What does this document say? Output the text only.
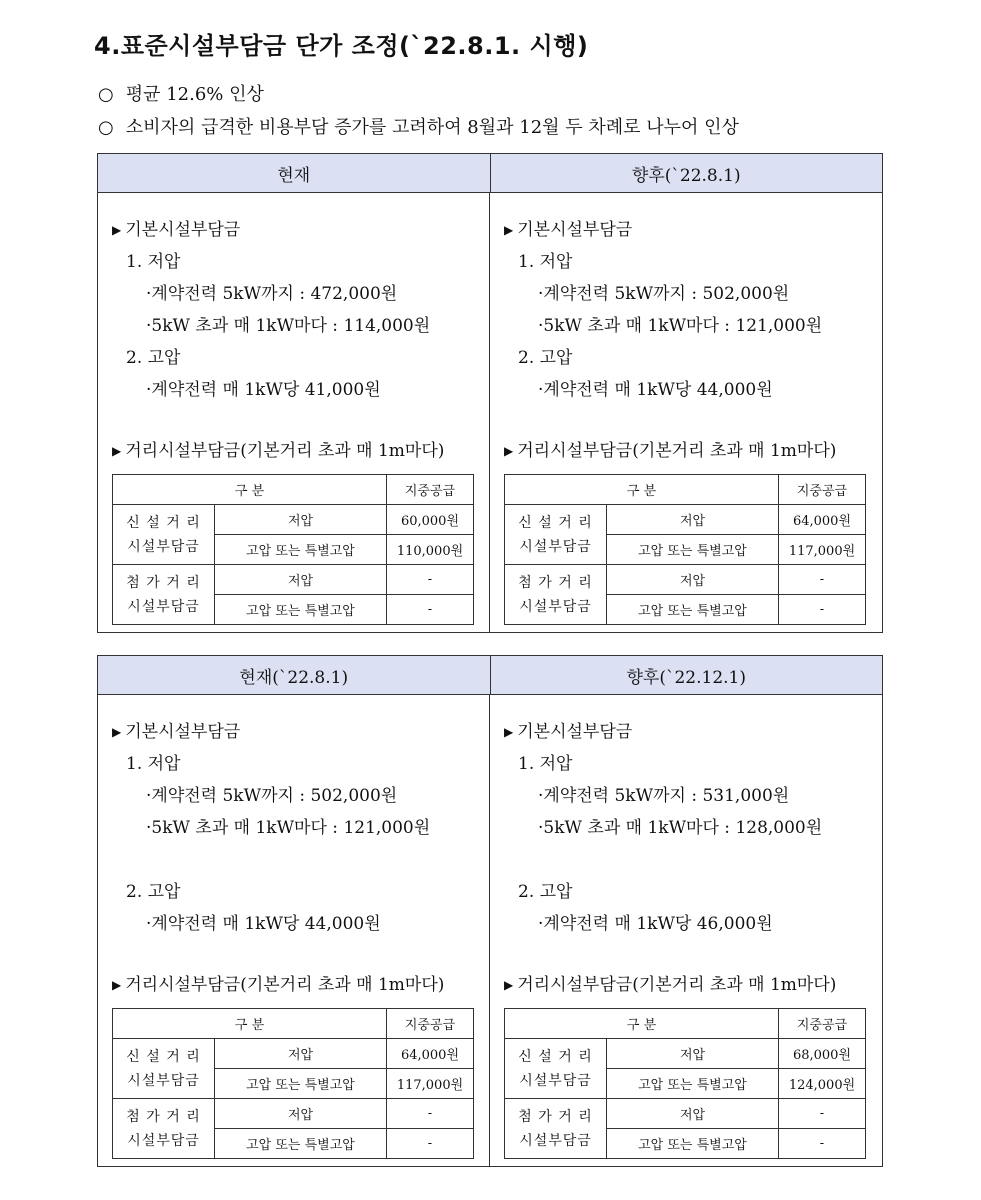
4.표준시설부담금 단가 조정(`22.8.1. 시행)
○ 평균 12.6% 인상
○ 소비자의 급격한 비용부담 증가를 고려하여 8월과 12월 두 차례로 나누어 인상
현재	향후(`22.8.1)
▶ 기본시설부담금
1. 저압
·계약전력 5kW까지 : 472,000원
·5kW 초과 매 1kW마다 : 114,000원
2. 고압
·계약전력 매 1kW당 41,000원
▶ 거리시설부담금(기본거리 초과 매 1m마다)
구 분		지중공급
신 설 거 리
시설부담금	저압	60,000원
	고압 또는 특별고압	110,000원
첨 가 거 리
시설부담금	저압	-
	고압 또는 특별고압	-
▶ 기본시설부담금
1. 저압
·계약전력 5kW까지 : 502,000원
·5kW 초과 매 1kW마다 : 121,000원
2. 고압
·계약전력 매 1kW당 44,000원
▶ 거리시설부담금(기본거리 초과 매 1m마다)
구 분		지중공급
신 설 거 리
시설부담금	저압	64,000원
	고압 또는 특별고압	117,000원
첨 가 거 리
시설부담금	저압	-
	고압 또는 특별고압	-
현재(`22.8.1)	향후(`22.12.1)
▶ 기본시설부담금
1. 저압
·계약전력 5kW까지 : 502,000원
·5kW 초과 매 1kW마다 : 121,000원
2. 고압
·계약전력 매 1kW당 44,000원
▶ 거리시설부담금(기본거리 초과 매 1m마다)
구 분		지중공급
신 설 거 리
시설부담금	저압	64,000원
	고압 또는 특별고압	117,000원
첨 가 거 리
시설부담금	저압	-
	고압 또는 특별고압	-
▶ 기본시설부담금
1. 저압
·계약전력 5kW까지 : 531,000원
·5kW 초과 매 1kW마다 : 128,000원
2. 고압
·계약전력 매 1kW당 46,000원
▶ 거리시설부담금(기본거리 초과 매 1m마다)
구 분		지중공급
신 설 거 리
시설부담금	저압	68,000원
	고압 또는 특별고압	124,000원
첨 가 거 리
시설부담금	저압	-
	고압 또는 특별고압	-
